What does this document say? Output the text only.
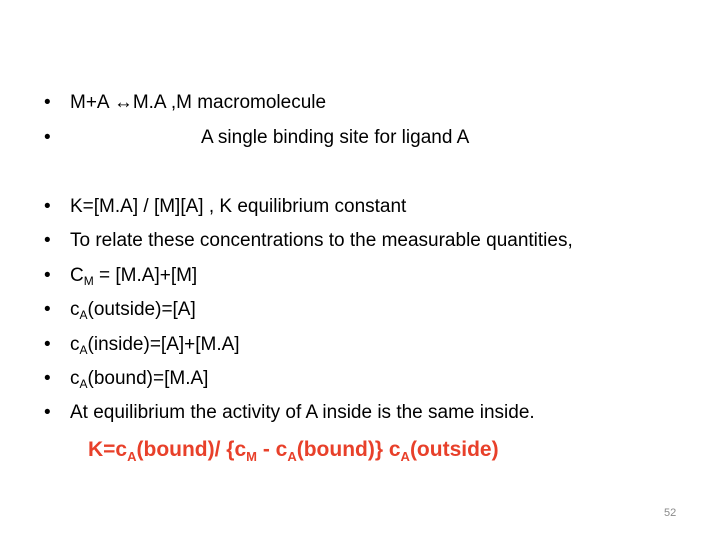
• M+A ↔M.A ,M macromolecule
•	A single binding site for ligand A
• K=[M.A] / [M][A] , K equilibrium constant
• To relate these concentrations to the measurable quantities,
• $C_M = [M.A]+[M]$
• $c_A(outside)=[A]$
• $c_A(inside)=[A]+[M.A]$
• $c_A(bound)=[M.A]$
• At equilibrium the activity of A inside is the same inside.
$K=c_A(bound)/$ {$c_M$ - $c_A(bound)$} $c_A(outside)$
52
